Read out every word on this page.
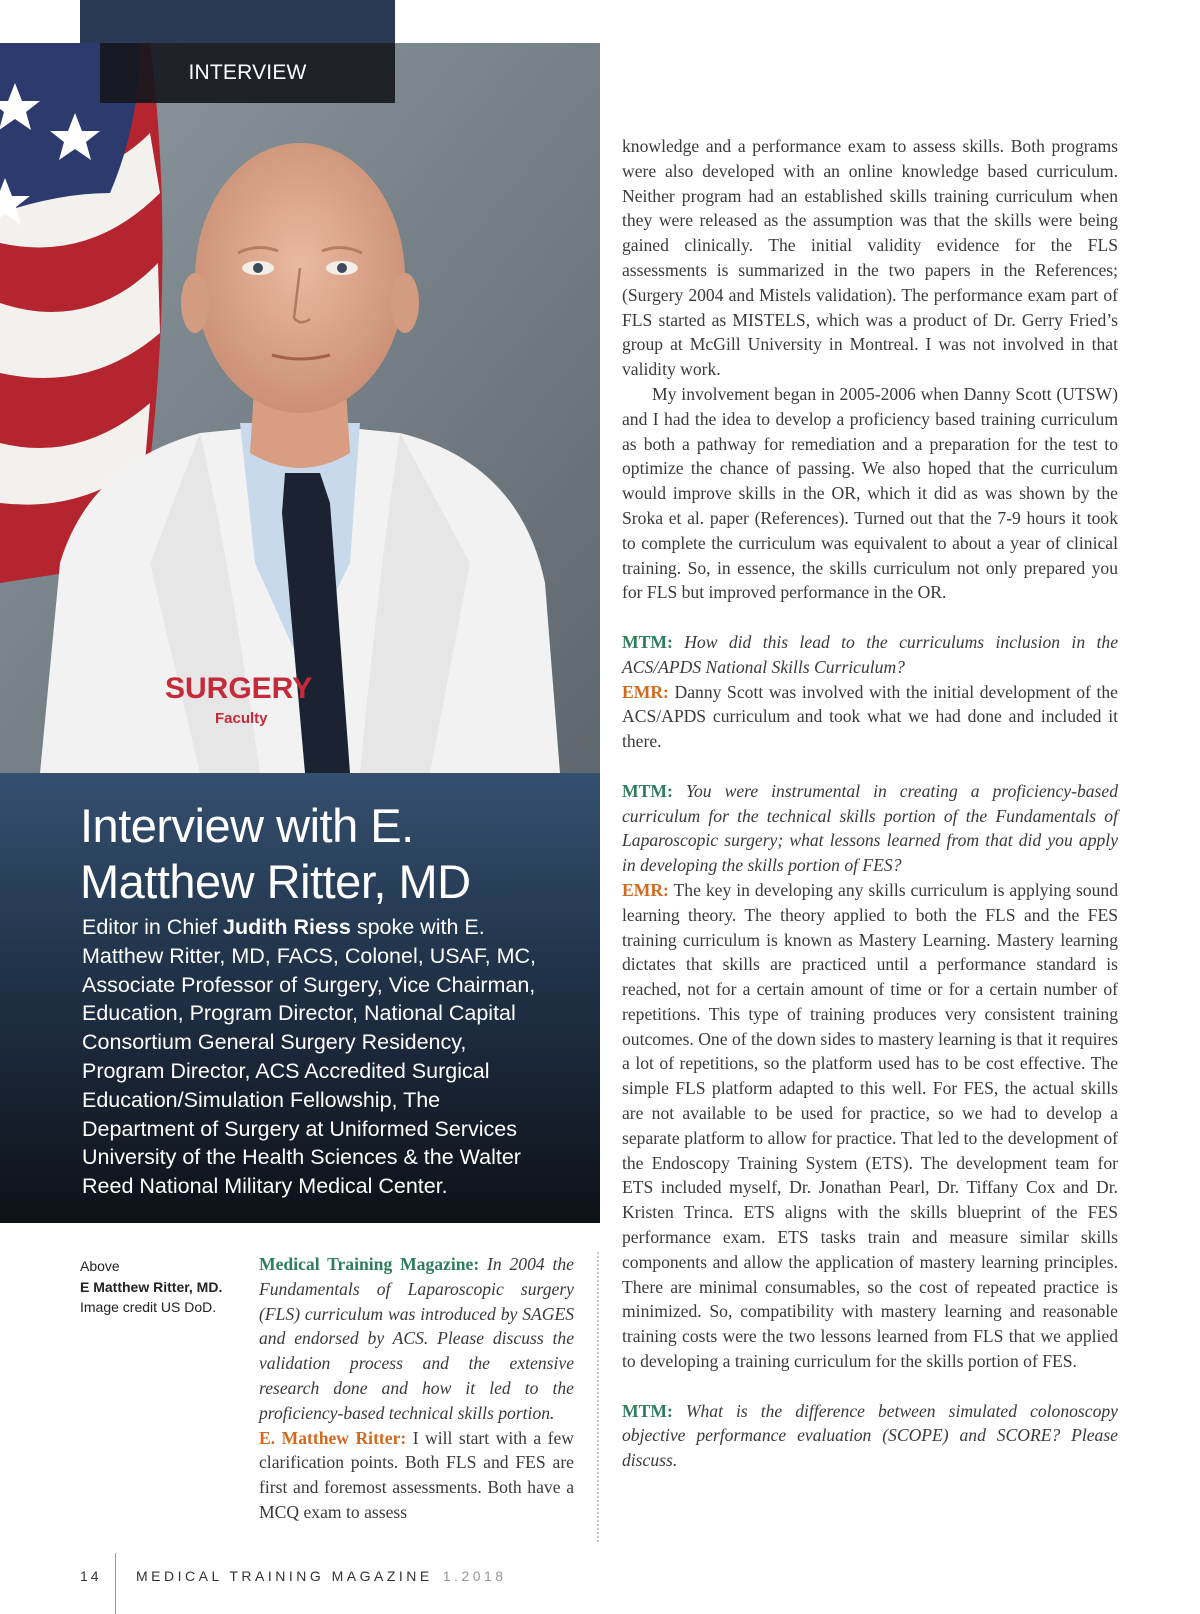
INTERVIEW
SURGERY
Faculty
Interview with E. Matthew Ritter, MD

Editor in Chief Judith Riess spoke with E. Matthew Ritter, MD, FACS, Colonel, USAF, MC, Associate Professor of Surgery, Vice Chairman, Education, Program Director, National Capital Consortium General Surgery Residency, Program Director, ACS Accredited Surgical Education/Simulation Fellowship, The Department of Surgery at Uniformed Services University of the Health Sciences & the Walter Reed National Military Medical Center.

Above
E Matthew Ritter, MD.
Image credit US DoD.

Medical Training Magazine: In 2004 the Fundamentals of Laparoscopic surgery (FLS) curriculum was introduced by SAGES and endorsed by ACS. Please discuss the validation process and the extensive research done and how it led to the proficiency-based technical skills portion.

E. Matthew Ritter: I will start with a few clarification points. Both FLS and FES are first and foremost assessments. Both have a MCQ exam to assess

knowledge and a performance exam to assess skills. Both programs were also developed with an online knowledge based curriculum. Neither program had an established skills training curriculum when they were released as the assumption was that the skills were being gained clinically. The initial validity evidence for the FLS assessments is summarized in the two papers in the References; (Surgery 2004 and Mistels validation). The performance exam part of FLS started as MISTELS, which was a product of Dr. Gerry Fried’s group at McGill University in Montreal. I was not involved in that validity work.

My involvement began in 2005-2006 when Danny Scott (UTSW) and I had the idea to develop a proficiency based training curriculum as both a pathway for remediation and a preparation for the test to optimize the chance of passing. We also hoped that the curriculum would improve skills in the OR, which it did as was shown by the Sroka et al. paper (References). Turned out that the 7-9 hours it took to complete the curriculum was equivalent to about a year of clinical training. So, in essence, the skills curriculum not only prepared you for FLS but improved performance in the OR.

MTM: How did this lead to the curriculums inclusion in the ACS/APDS National Skills Curriculum?

EMR: Danny Scott was involved with the initial development of the ACS/APDS curriculum and took what we had done and included it there.

MTM: You were instrumental in creating a proficiency-based curriculum for the technical skills portion of the Fundamentals of Laparoscopic surgery; what lessons learned from that did you apply in developing the skills portion of FES?

EMR: The key in developing any skills curriculum is applying sound learning theory. The theory applied to both the FLS and the FES training curriculum is known as Mastery Learning. Mastery learning dictates that skills are practiced until a performance standard is reached, not for a certain amount of time or for a certain number of repetitions. This type of training produces very consistent training outcomes. One of the down sides to mastery learning is that it requires a lot of repetitions, so the platform used has to be cost effective. The simple FLS platform adapted to this well. For FES, the actual skills are not available to be used for practice, so we had to develop a separate platform to allow for practice. That led to the development of the Endoscopy Training System (ETS). The development team for ETS included myself, Dr. Jonathan Pearl, Dr. Tiffany Cox and Dr. Kristen Trinca. ETS aligns with the skills blueprint of the FES performance exam. ETS tasks train and measure similar skills components and allow the application of mastery learning principles. There are minimal consumables, so the cost of repeated practice is minimized. So, compatibility with mastery learning and reasonable training costs were the two lessons learned from FLS that we applied to developing a training curriculum for the skills portion of FES.

MTM: What is the difference between simulated colonoscopy objective performance evaluation (SCOPE) and SCORE? Please discuss.

14 MEDICAL TRAINING MAGAZINE 1.2018
